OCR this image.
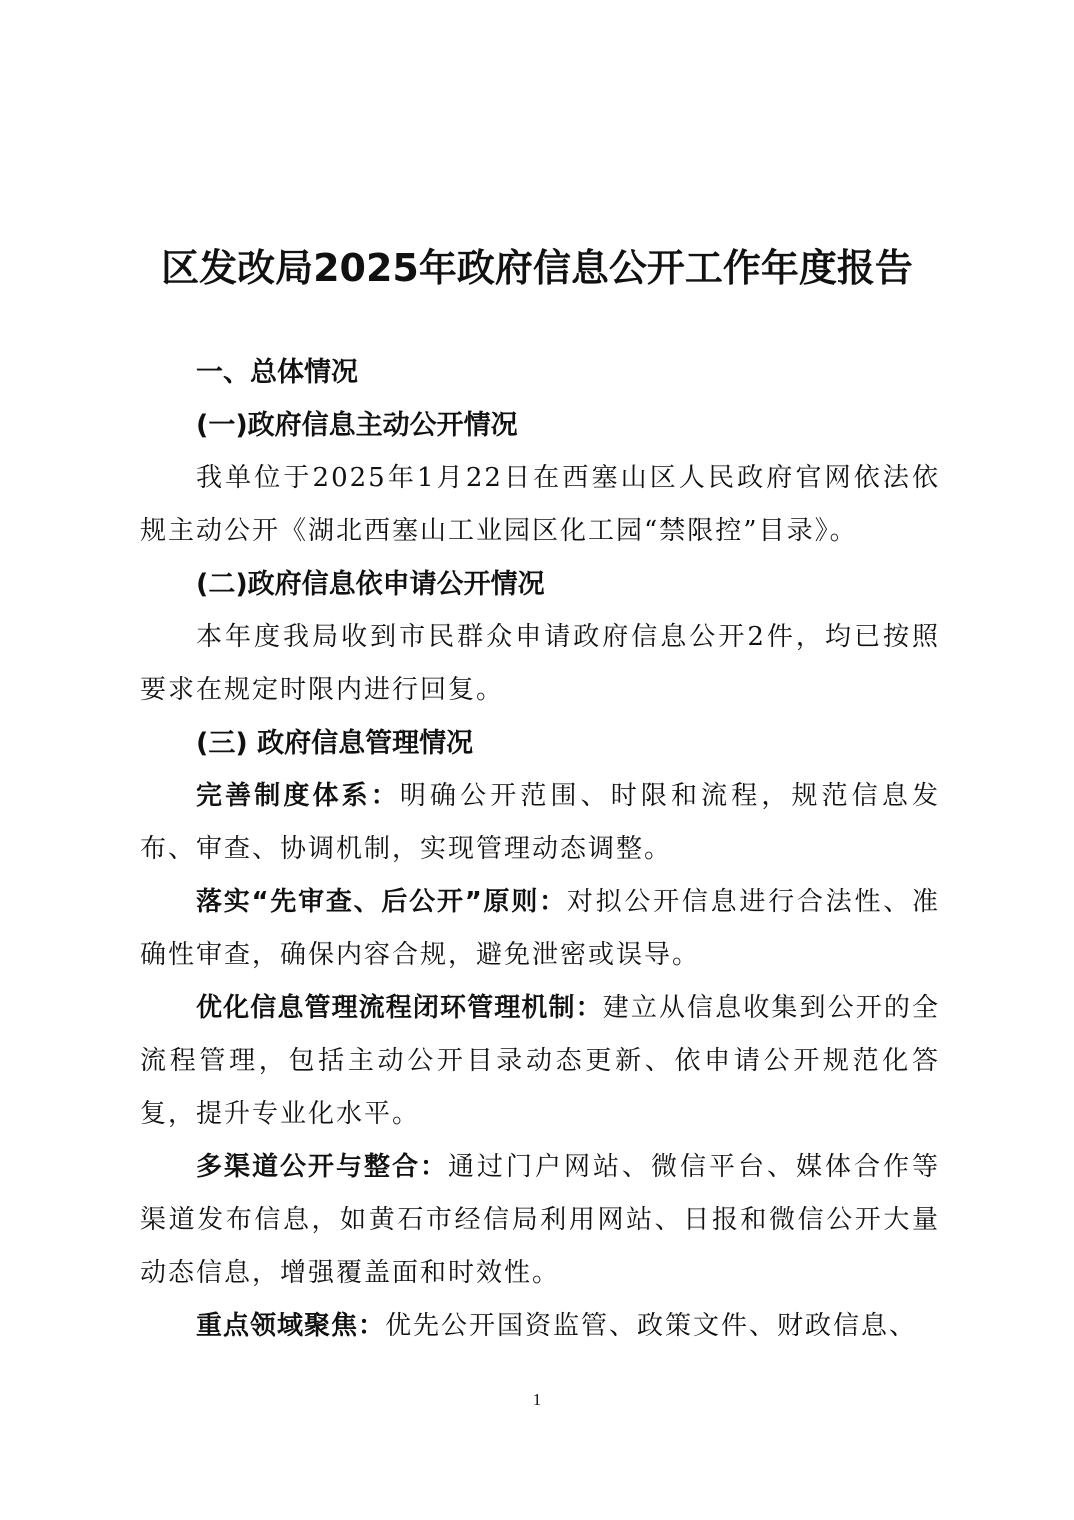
区发改局2025年政府信息公开工作年度报告

一、总体情况

(一)政府信息主动公开情况

我单位于2025年1月22日在西塞山区人民政府官网依法依规主动公开《湖北西塞山工业园区化工园“禁限控”目录》。

(二)政府信息依申请公开情况

本年度我局收到市民群众申请政府信息公开2件，均已按照要求在规定时限内进行回复。

(三) 政府信息管理情况

完善制度体系：明确公开范围、时限和流程，规范信息发布、审查、协调机制，实现管理动态调整。

落实“先审查、后公开”原则：对拟公开信息进行合法性、准确性审查，确保内容合规，避免泄密或误导。

优化信息管理流程闭环管理机制：建立从信息收集到公开的全流程管理，包括主动公开目录动态更新、依申请公开规范化答复，提升专业化水平。

多渠道公开与整合：通过门户网站、微信平台、媒体合作等渠道发布信息，如黄石市经信局利用网站、日报和微信公开大量动态信息，增强覆盖面和时效性。

重点领域聚焦：优先公开国资监管、政策文件、财政信息、

1
